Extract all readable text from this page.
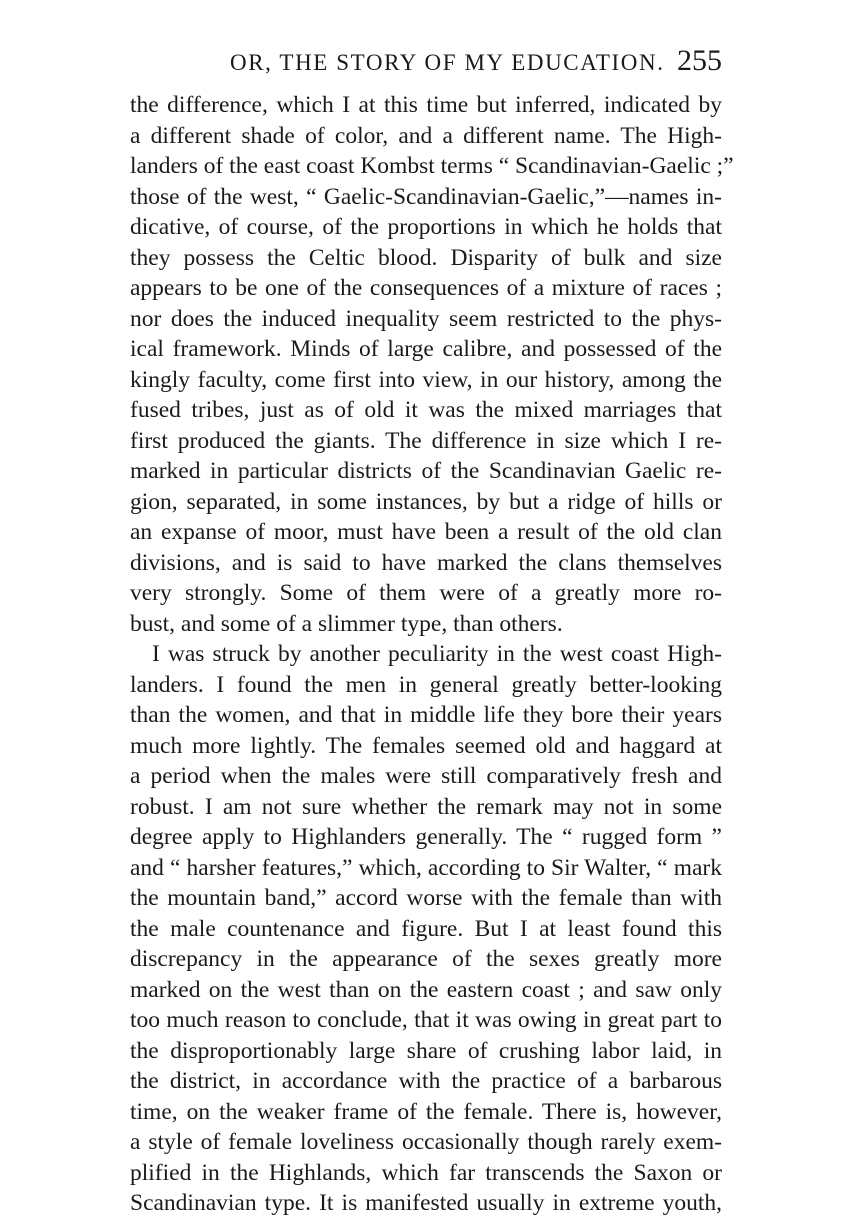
OR, THE STORY OF MY EDUCATION. 255
the difference, which I at this time but inferred, indicated by
a different shade of color, and a different name. The High-
landers of the east coast Kombst terms “ Scandinavian-Gaelic ;”
those of the west, “ Gaelic-Scandinavian-Gaelic,”—names in-
dicative, of course, of the proportions in which he holds that
they possess the Celtic blood. Disparity of bulk and size
appears to be one of the consequences of a mixture of races ;
nor does the induced inequality seem restricted to the phys-
ical framework. Minds of large calibre, and possessed of the
kingly faculty, come first into view, in our history, among the
fused tribes, just as of old it was the mixed marriages that
first produced the giants. The difference in size which I re-
marked in particular districts of the Scandinavian Gaelic re-
gion, separated, in some instances, by but a ridge of hills or
an expanse of moor, must have been a result of the old clan
divisions, and is said to have marked the clans themselves
very strongly. Some of them were of a greatly more ro-
bust, and some of a slimmer type, than others.
I was struck by another peculiarity in the west coast High-
landers. I found the men in general greatly better-looking
than the women, and that in middle life they bore their years
much more lightly. The females seemed old and haggard at
a period when the males were still comparatively fresh and
robust. I am not sure whether the remark may not in some
degree apply to Highlanders generally. The “ rugged form ”
and “ harsher features,” which, according to Sir Walter, “ mark
the mountain band,” accord worse with the female than with
the male countenance and figure. But I at least found this
discrepancy in the appearance of the sexes greatly more
marked on the west than on the eastern coast ; and saw only
too much reason to conclude, that it was owing in great part to
the disproportionably large share of crushing labor laid, in
the district, in accordance with the practice of a barbarous
time, on the weaker frame of the female. There is, however,
a style of female loveliness occasionally though rarely exem-
plified in the Highlands, which far transcends the Saxon or
Scandinavian type. It is manifested usually in extreme youth,
